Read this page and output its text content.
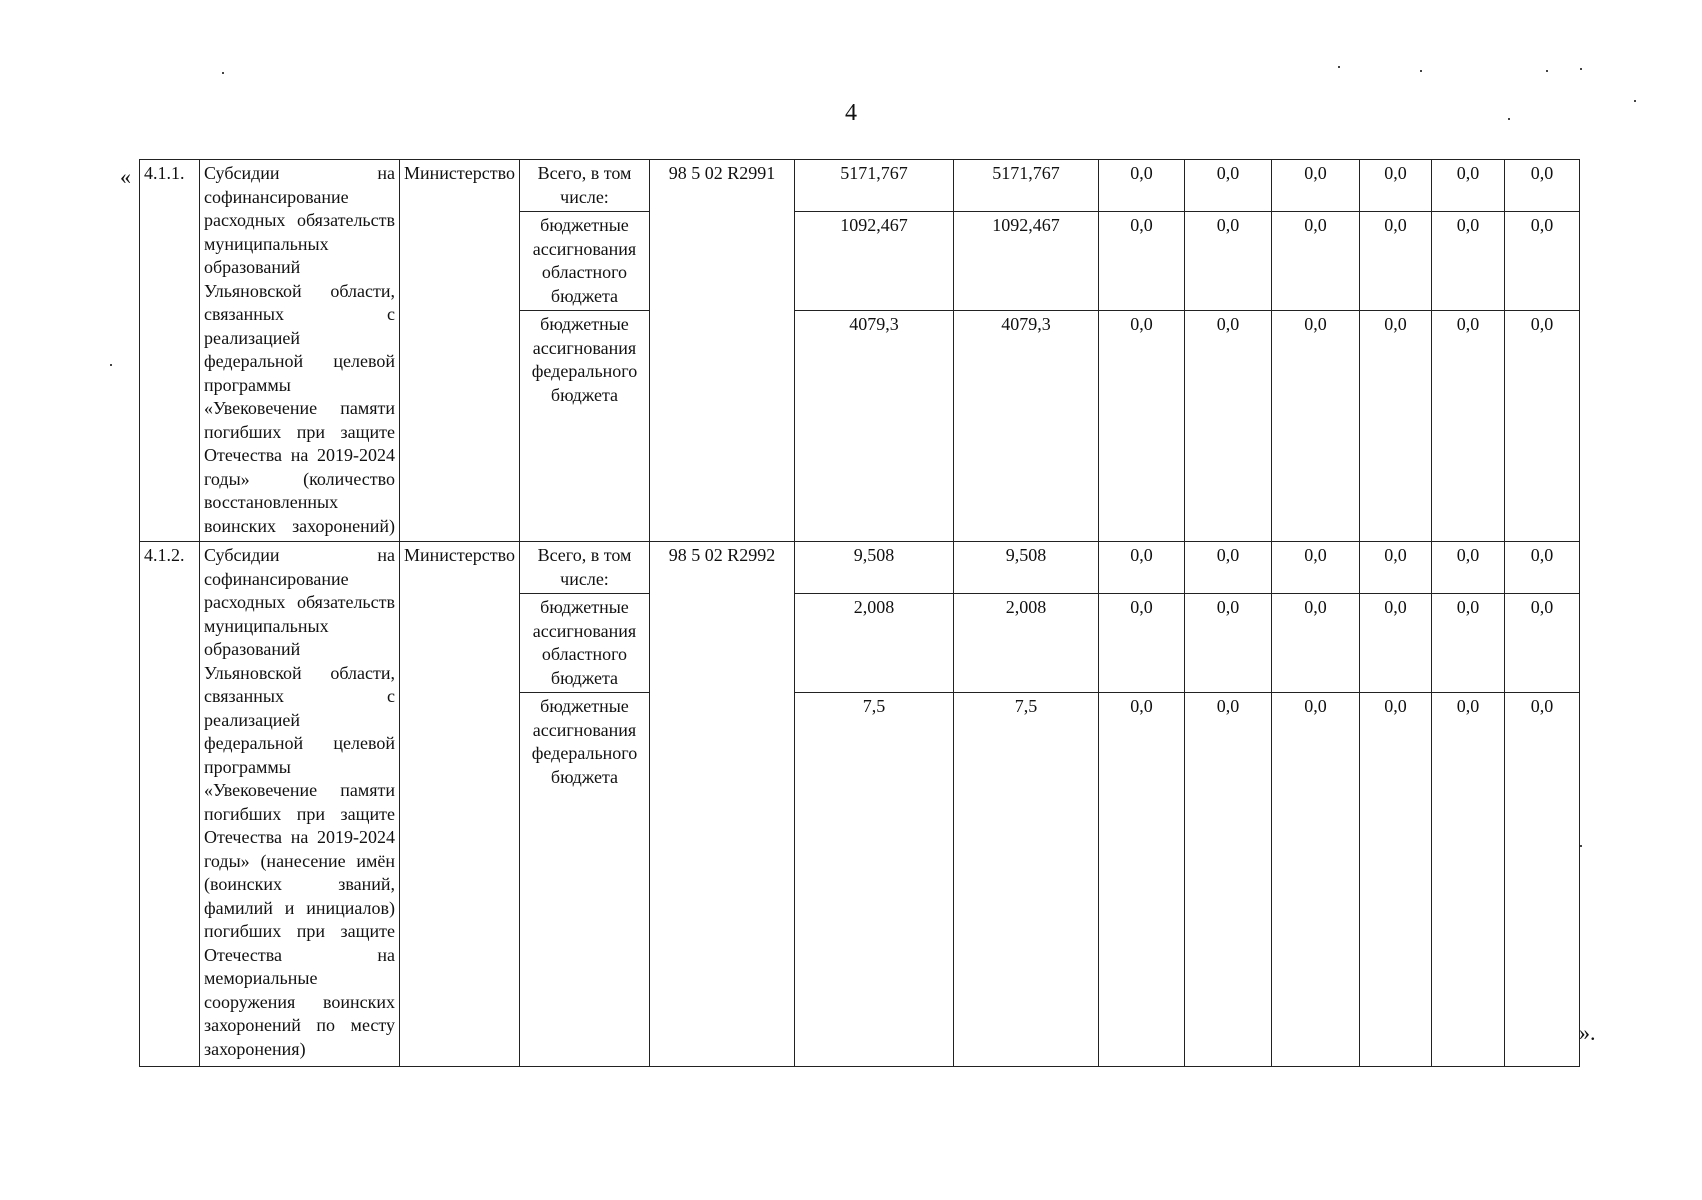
4
«
».
4.1.1.	Субсидии на софинансирование расходных обязательств муниципальных образований Ульяновской области, связанных с реализацией федеральной целевой программы «Увековечение памяти погибших при защите Отечества на 2019-2024 годы» (количество восстановленных воинских захоронений)	Министерство	Всего, в том числе:	98 5 02 R2991	5171,767	5171,767	0,0	0,0	0,0	0,0	0,0	0,0
			бюджетные ассигнования областного бюджета		1092,467	1092,467	0,0	0,0	0,0	0,0	0,0	0,0
			бюджетные ассигнования федерального бюджета		4079,3	4079,3	0,0	0,0	0,0	0,0	0,0	0,0
4.1.2.	Субсидии на софинансирование расходных обязательств муниципальных образований Ульяновской области, связанных с реализацией федеральной целевой программы «Увековечение памяти погибших при защите Отечества на 2019-2024 годы» (нанесение имён (воинских званий, фамилий и инициалов) погибших при защите Отечества на мемориальные сооружения воинских захоронений по месту захоронения)	Министерство	Всего, в том числе:	98 5 02 R2992	9,508	9,508	0,0	0,0	0,0	0,0	0,0	0,0
			бюджетные ассигнования областного бюджета		2,008	2,008	0,0	0,0	0,0	0,0	0,0	0,0
			бюджетные ассигнования федерального бюджета		7,5	7,5	0,0	0,0	0,0	0,0	0,0	0,0
